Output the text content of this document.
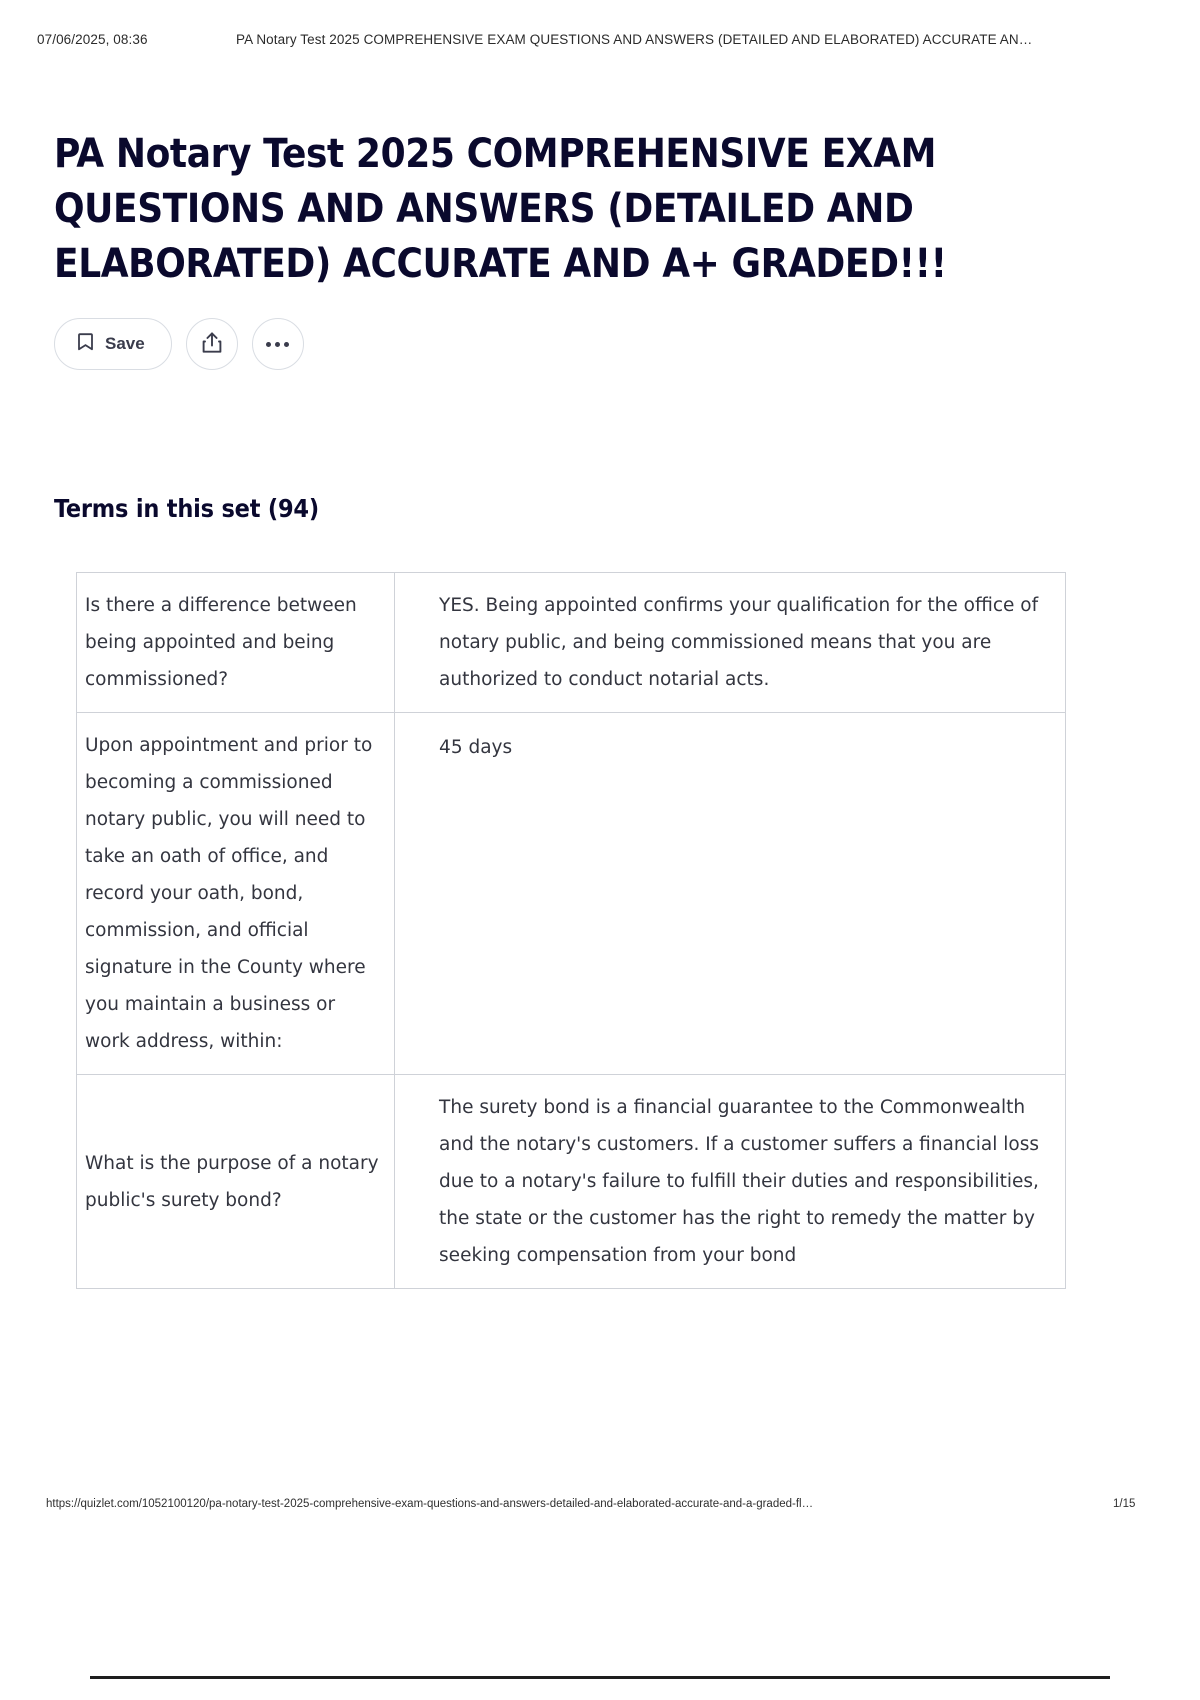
07/06/2025, 08:36	PA Notary Test 2025 COMPREHENSIVE EXAM QUESTIONS AND ANSWERS (DETAILED AND ELABORATED) ACCURATE AN…
PA Notary Test 2025 COMPREHENSIVE EXAM QUESTIONS AND ANSWERS (DETAILED AND ELABORATED) ACCURATE AND A+ GRADED!!!
Save
Terms in this set (94)
Is there a difference between being appointed and being commissioned?	YES. Being appointed confirms your qualification for the office of notary public, and being commissioned means that you are authorized to conduct notarial acts.
Upon appointment and prior to becoming a commissioned notary public, you will need to take an oath of office, and record your oath, bond, commission, and official signature in the County where you maintain a business or work address, within:	45 days
What is the purpose of a notary public's surety bond?	The surety bond is a financial guarantee to the Commonwealth and the notary's customers. If a customer suffers a financial loss due to a notary's failure to fulfill their duties and responsibilities, the state or the customer has the right to remedy the matter by seeking compensation from your bond
https://quizlet.com/1052100120/pa-notary-test-2025-comprehensive-exam-questions-and-answers-detailed-and-elaborated-accurate-and-a-graded-fl…	1/15
